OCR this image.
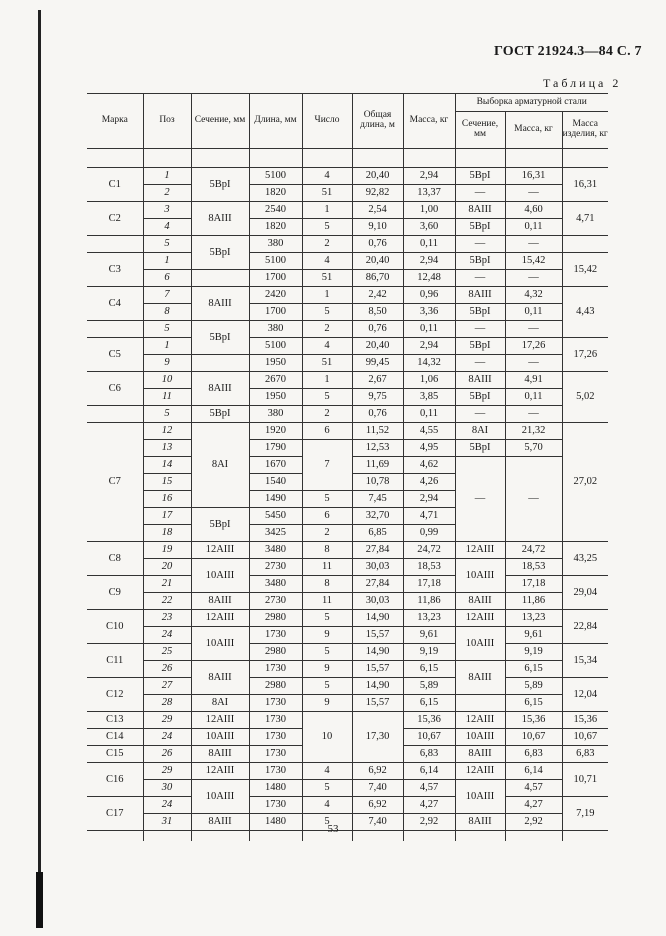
ГОСТ 21924.3—84 С. 7
Таблица 2
Марка	Поз	Сечение, мм	Длина, мм	Число	Общая длина, м	Масса, кг	Выборка арматурной стали		
							Сечение, мм	Масса, кг	Масса изделия, кг

C1	1	5BpI	5100	4	20,40	2,94	5BpI	16,31	16,31
	2		1820	51	92,82	13,37	—	—	
C2	3	8AIII	2540	1	2,54	1,00	8AIII	4,60	4,71
	4		1820	5	9,10	3,60	5BpI	0,11	
	5	5BpI	380	2	0,76	0,11	—	—	
C3	1		5100	4	20,40	2,94	5BpI	15,42	15,42
	6		1700	51	86,70	12,48	—	—	
C4	7	8AIII	2420	1	2,42	0,96	8AIII	4,32	4,43
	8		1700	5	8,50	3,36	5BpI	0,11	
	5	5BpI	380	2	0,76	0,11	—	—	
C5	1		5100	4	20,40	2,94	5BpI	17,26	17,26
	9		1950	51	99,45	14,32	—	—	
C6	10	8AIII	2670	1	2,67	1,06	8AIII	4,91	5,02
	11		1950	5	9,75	3,85	5BpI	0,11	
	5	5BpI	380	2	0,76	0,11	—	—	
C7	12	8AI	1920	6	11,52	4,55	8AI	21,32	27,02
	13		1790	7	12,53	4,95	5BpI	5,70	
	14		1670		11,69	4,62	—	—	
	15		1540		10,78	4,26			
	16		1490	5	7,45	2,94			
	17	5BpI	5450	6	32,70	4,71			
	18		3425	2	6,85	0,99			
C8	19	12AIII	3480	8	27,84	24,72	12AIII	24,72	43,25
	20	10AIII	2730	11	30,03	18,53	10AIII	18,53	
C9	21		3480	8	27,84	17,18		17,18	29,04
	22	8AIII	2730	11	30,03	11,86	8AIII	11,86	
C10	23	12AIII	2980	5	14,90	13,23	12AIII	13,23	22,84
	24	10AIII	1730	9	15,57	9,61	10AIII	9,61	
C11	25		2980	5	14,90	9,19		9,19	15,34
	26	8AIII	1730	9	15,57	6,15	8AIII	6,15	
C12	27		2980	5	14,90	5,89		5,89	12,04
	28	8AI	1730	9	15,57	6,15		6,15	
C13	29	12AIII	1730	10	17,30	15,36	12AIII	15,36	15,36
C14	24	10AIII	1730			10,67	10AIII	10,67	10,67
C15	26	8AIII	1730			6,83	8AIII	6,83	6,83
C16	29	12AIII	1730	4	6,92	6,14	12AIII	6,14	10,71
	30	10AIII	1480	5	7,40	4,57	10AIII	4,57	
C17	24		1730	4	6,92	4,27		4,27	7,19
	31	8AIII	1480	5	7,40	2,92	8AIII	2,92	

53
